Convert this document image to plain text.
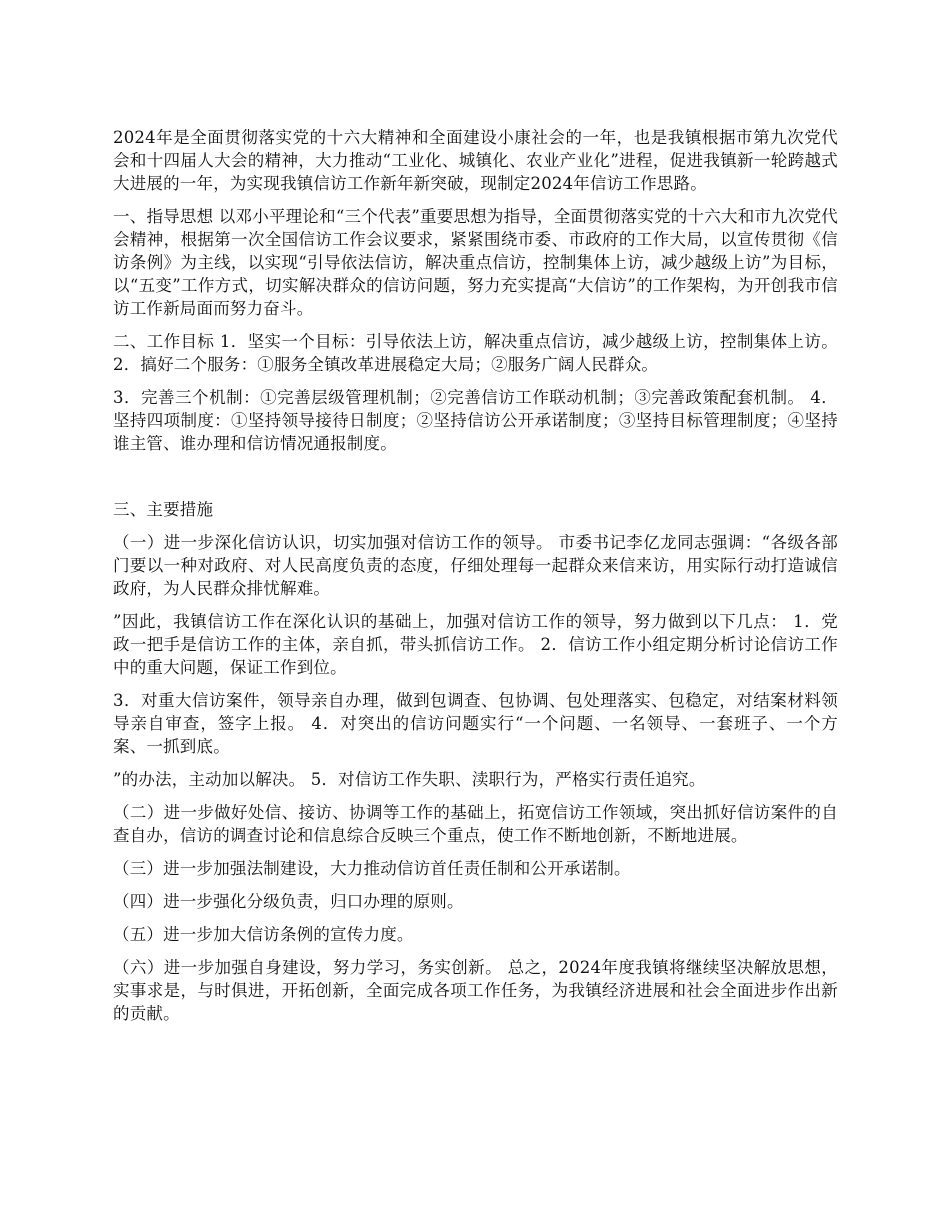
2024年是全面贯彻落实党的十六大精神和全面建设小康社会的一年，也是我镇根据市第九次党代会和十四届人大会的精神，大力推动“工业化、城镇化、农业产业化”进程，促进我镇新一轮跨越式大进展的一年，为实现我镇信访工作新年新突破，现制定2024年信访工作思路。

一、指导思想 以邓小平理论和“三个代表”重要思想为指导，全面贯彻落实党的十六大和市九次党代会精神，根据第一次全国信访工作会议要求，紧紧围绕市委、市政府的工作大局，以宣传贯彻《信访条例》为主线，以实现“引导依法信访，解决重点信访，控制集体上访，减少越级上访”为目标，以“五变”工作方式，切实解决群众的信访问题，努力充实提高“大信访”的工作架构，为开创我市信访工作新局面而努力奋斗。

二、工作目标 1．坚实一个目标：引导依法上访，解决重点信访，减少越级上访，控制集体上访。 2．搞好二个服务：①服务全镇改革进展稳定大局；②服务广阔人民群众。

3．完善三个机制：①完善层级管理机制；②完善信访工作联动机制；③完善政策配套机制。 4．坚持四项制度：①坚持领导接待日制度；②坚持信访公开承诺制度；③坚持目标管理制度；④坚持谁主管、谁办理和信访情况通报制度。

三、主要措施

（一）进一步深化信访认识，切实加强对信访工作的领导。 市委书记李亿龙同志强调：“各级各部门要以一种对政府、对人民高度负责的态度，仔细处理每一起群众来信来访，用实际行动打造诚信政府，为人民群众排忧解难。

”因此，我镇信访工作在深化认识的基础上，加强对信访工作的领导，努力做到以下几点： 1．党政一把手是信访工作的主体，亲自抓，带头抓信访工作。 2．信访工作小组定期分析讨论信访工作中的重大问题，保证工作到位。

3．对重大信访案件，领导亲自办理，做到包调查、包协调、包处理落实、包稳定，对结案材料领导亲自审查，签字上报。 4．对突出的信访问题实行“一个问题、一名领导、一套班子、一个方案、一抓到底。

”的办法，主动加以解决。 5．对信访工作失职、渎职行为，严格实行责任追究。

（二）进一步做好处信、接访、协调等工作的基础上，拓宽信访工作领域，突出抓好信访案件的自查自办，信访的调查讨论和信息综合反映三个重点，使工作不断地创新，不断地进展。

（三）进一步加强法制建设，大力推动信访首任责任制和公开承诺制。

（四）进一步强化分级负责，归口办理的原则。

（五）进一步加大信访条例的宣传力度。

（六）进一步加强自身建设，努力学习，务实创新。 总之，2024年度我镇将继续坚决解放思想，实事求是，与时俱进，开拓创新，全面完成各项工作任务，为我镇经济进展和社会全面进步作出新的贡献。
